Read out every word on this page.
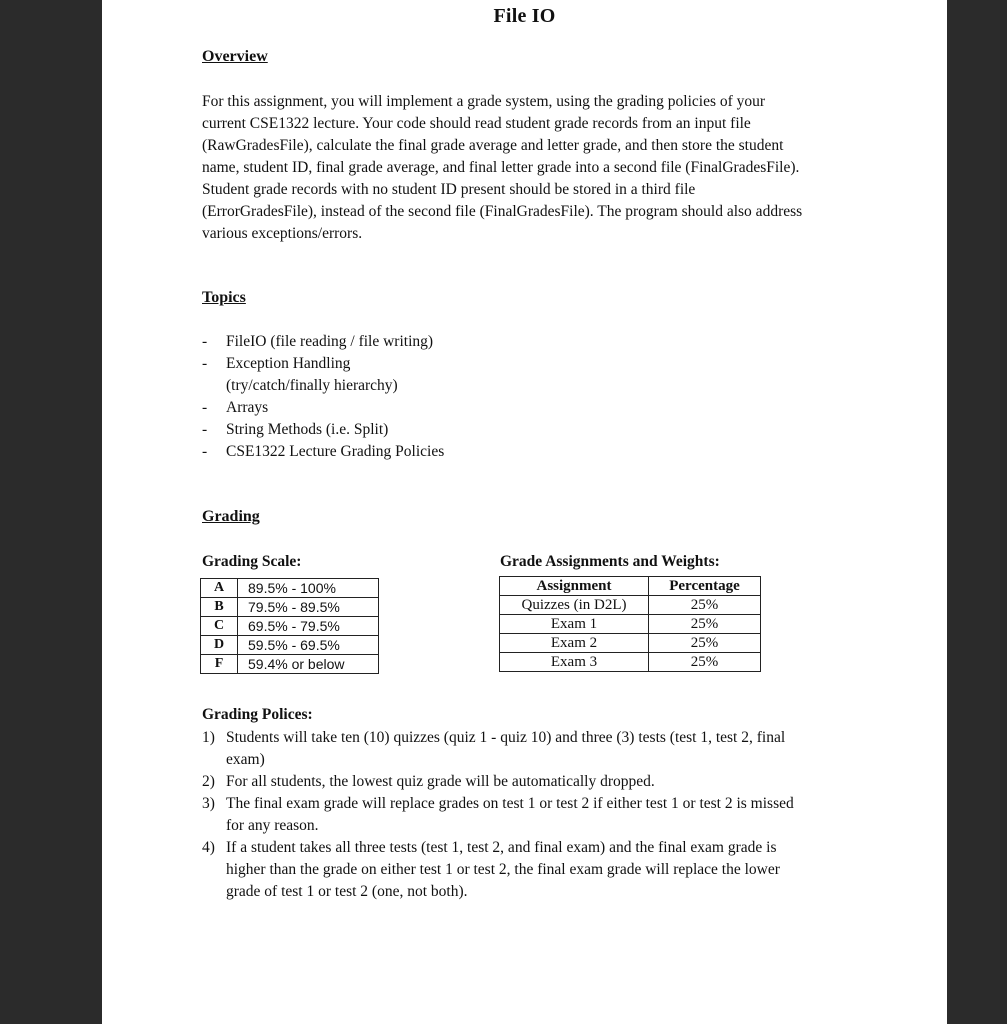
File IO
Overview
For this assignment, you will implement a grade system, using the grading policies of your
current CSE1322 lecture. Your code should read student grade records from an input file
(RawGradesFile), calculate the final grade average and letter grade, and then store the student
name, student ID, final grade average, and final letter grade into a second file (FinalGradesFile).
Student grade records with no student ID present should be stored in a third file
(ErrorGradesFile), instead of the second file (FinalGradesFile). The program should also address
various exceptions/errors.
Topics
- FileIO (file reading / file writing)
- Exception Handling
(try/catch/finally hierarchy)
- Arrays
- String Methods (i.e. Split)
- CSE1322 Lecture Grading Policies
Grading
Grading Scale:
A	89.5% - 100%
B	79.5% - 89.5%
C	69.5% - 79.5%
D	59.5% - 69.5%
F	59.4% or below
Grade Assignments and Weights:
Assignment	Percentage
Quizzes (in D2L)	25%
Exam 1	25%
Exam 2	25%
Exam 3	25%
Grading Polices:
1) Students will take ten (10) quizzes (quiz 1 - quiz 10) and three (3) tests (test 1, test 2, final
exam)
2) For all students, the lowest quiz grade will be automatically dropped.
3) The final exam grade will replace grades on test 1 or test 2 if either test 1 or test 2 is missed
for any reason.
4) If a student takes all three tests (test 1, test 2, and final exam) and the final exam grade is
higher than the grade on either test 1 or test 2, the final exam grade will replace the lower
grade of test 1 or test 2 (one, not both).
